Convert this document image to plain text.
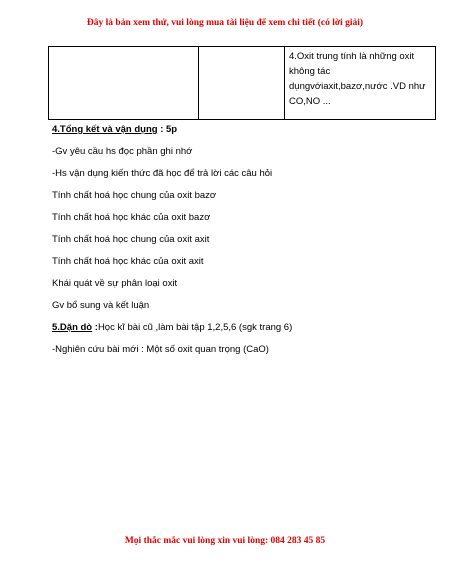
Đây là bản xem thử, vui lòng mua tài liệu để xem chi tiết (có lời giải)
		4.Oxit trung tính là những oxit không tác dụngvớiaxit,bazơ,nước .VD như CO,NO ...
4.Tổng kết và vận dụng : 5p
-Gv yêu cầu hs đọc phần ghi nhớ
-Hs vận dụng kiến thức đã học để trả lời các câu hỏi
Tính chất hoá học chung của oxit bazơ
Tính chất hoá học khác của oxit bazơ
Tính chất hoá học chung của oxit axit
Tính chất hoá học khác của oxit axit
Khái quát về sự phân loại oxit
Gv bổ sung và kết luận
5.Dặn dò :Học kĩ bài cũ ,làm bài tập 1,2,5,6 (sgk trang 6)
-Nghiên cứu bài mới : Một số oxit quan trọng (CaO)
Mọi thắc mắc vui lòng xin vui lòng: 084 283 45 85
